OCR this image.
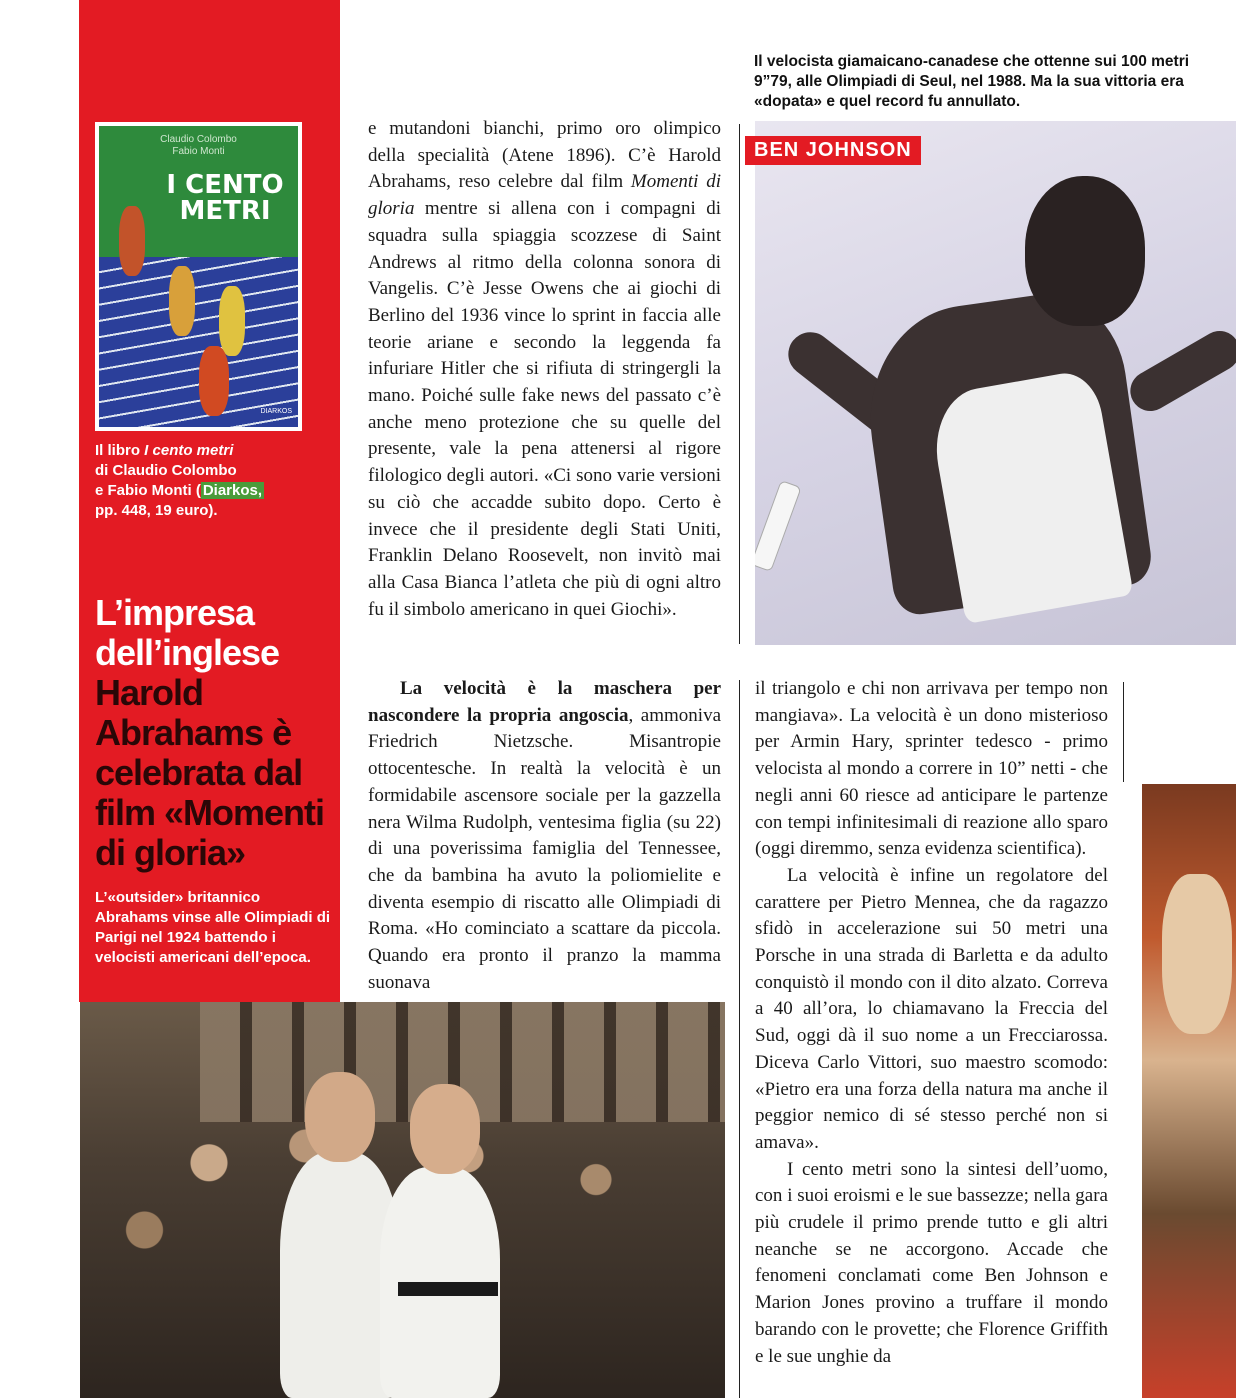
Claudio Colombo
Fabio Monti
I CENTO
METRI
DIARKOS
Il libro I cento metri
di Claudio Colombo
e Fabio Monti ( Diarkos,
pp. 448, 19 euro).
L’impresa
dell’inglese
Harold
Abrahams è
celebrata dal
film «Momenti
di gloria»
L’«outsider» britannico Abrahams vinse alle Olimpiadi di Parigi nel 1924 battendo i velocisti americani dell’epoca.
Il velocista giamaicano-canadese che ottenne sui 100 metri 9”79, alle Olimpiadi di Seul, nel 1988. Ma la sua vittoria era «dopata» e quel record fu annullato.
BEN JOHNSON

e mutandoni bianchi, primo oro olimpico della specialità (Atene 1896). C’è Harold Abrahams, reso celebre dal film Momenti di gloria mentre si allena con i compagni di squadra sulla spiaggia scozzese di Saint Andrews al ritmo della colonna sonora di Vangelis. C’è Jesse Owens che ai giochi di Berlino del 1936 vince lo sprint in faccia alle teorie ariane e secondo la leggenda fa infuriare Hitler che si rifiuta di stringergli la mano. Poiché sulle fake news del passato c’è anche meno protezione che su quelle del presente, vale la pena attenersi al rigore filologico degli autori. «Ci sono varie versioni su ciò che accadde subito dopo. Certo è invece che il presidente degli Stati Uniti, Franklin Delano Roosevelt, non invitò mai alla Casa Bianca l’atleta che più di ogni altro fu il simbolo americano in quei Giochi».

La velocità è la maschera per nascondere la propria angoscia, ammoniva Friedrich Nietzsche. Misantropie ottocentesche. In realtà la velocità è un formidabile ascensore sociale per la gazzella nera Wilma Rudolph, ventesima figlia (su 22) di una poverissima famiglia del Tennessee, che da bambina ha avuto la poliomielite e diventa esempio di riscatto alle Olimpiadi di Roma. «Ho cominciato a scattare da piccola. Quando era pronto il pranzo la mamma suonava

il triangolo e chi non arrivava per tempo non mangiava». La velocità è un dono misterioso per Armin Hary, sprinter tedesco - primo velocista al mondo a correre in 10” netti - che negli anni 60 riesce ad anticipare le partenze con tempi infinitesimali di reazione allo sparo (oggi diremmo, senza evidenza scientifica).

La velocità è infine un regolatore del carattere per Pietro Mennea, che da ragazzo sfidò in accelerazione sui 50 metri una Porsche in una strada di Barletta e da adulto conquistò il mondo con il dito alzato. Correva a 40 all’ora, lo chiamavano la Freccia del Sud, oggi dà il suo nome a un Frecciarossa. Diceva Carlo Vittori, suo maestro scomodo: «Pietro era una forza della natura ma anche il peggior nemico di sé stesso perché non si amava».

I cento metri sono la sintesi dell’uomo, con i suoi eroismi e le sue bassezze; nella gara più crudele il primo prende tutto e gli altri neanche se ne accorgono. Accade che fenomeni conclamati come Ben Johnson e Marion Jones provino a truffare il mondo barando con le provette; che Florence Griffith e le sue unghie da
